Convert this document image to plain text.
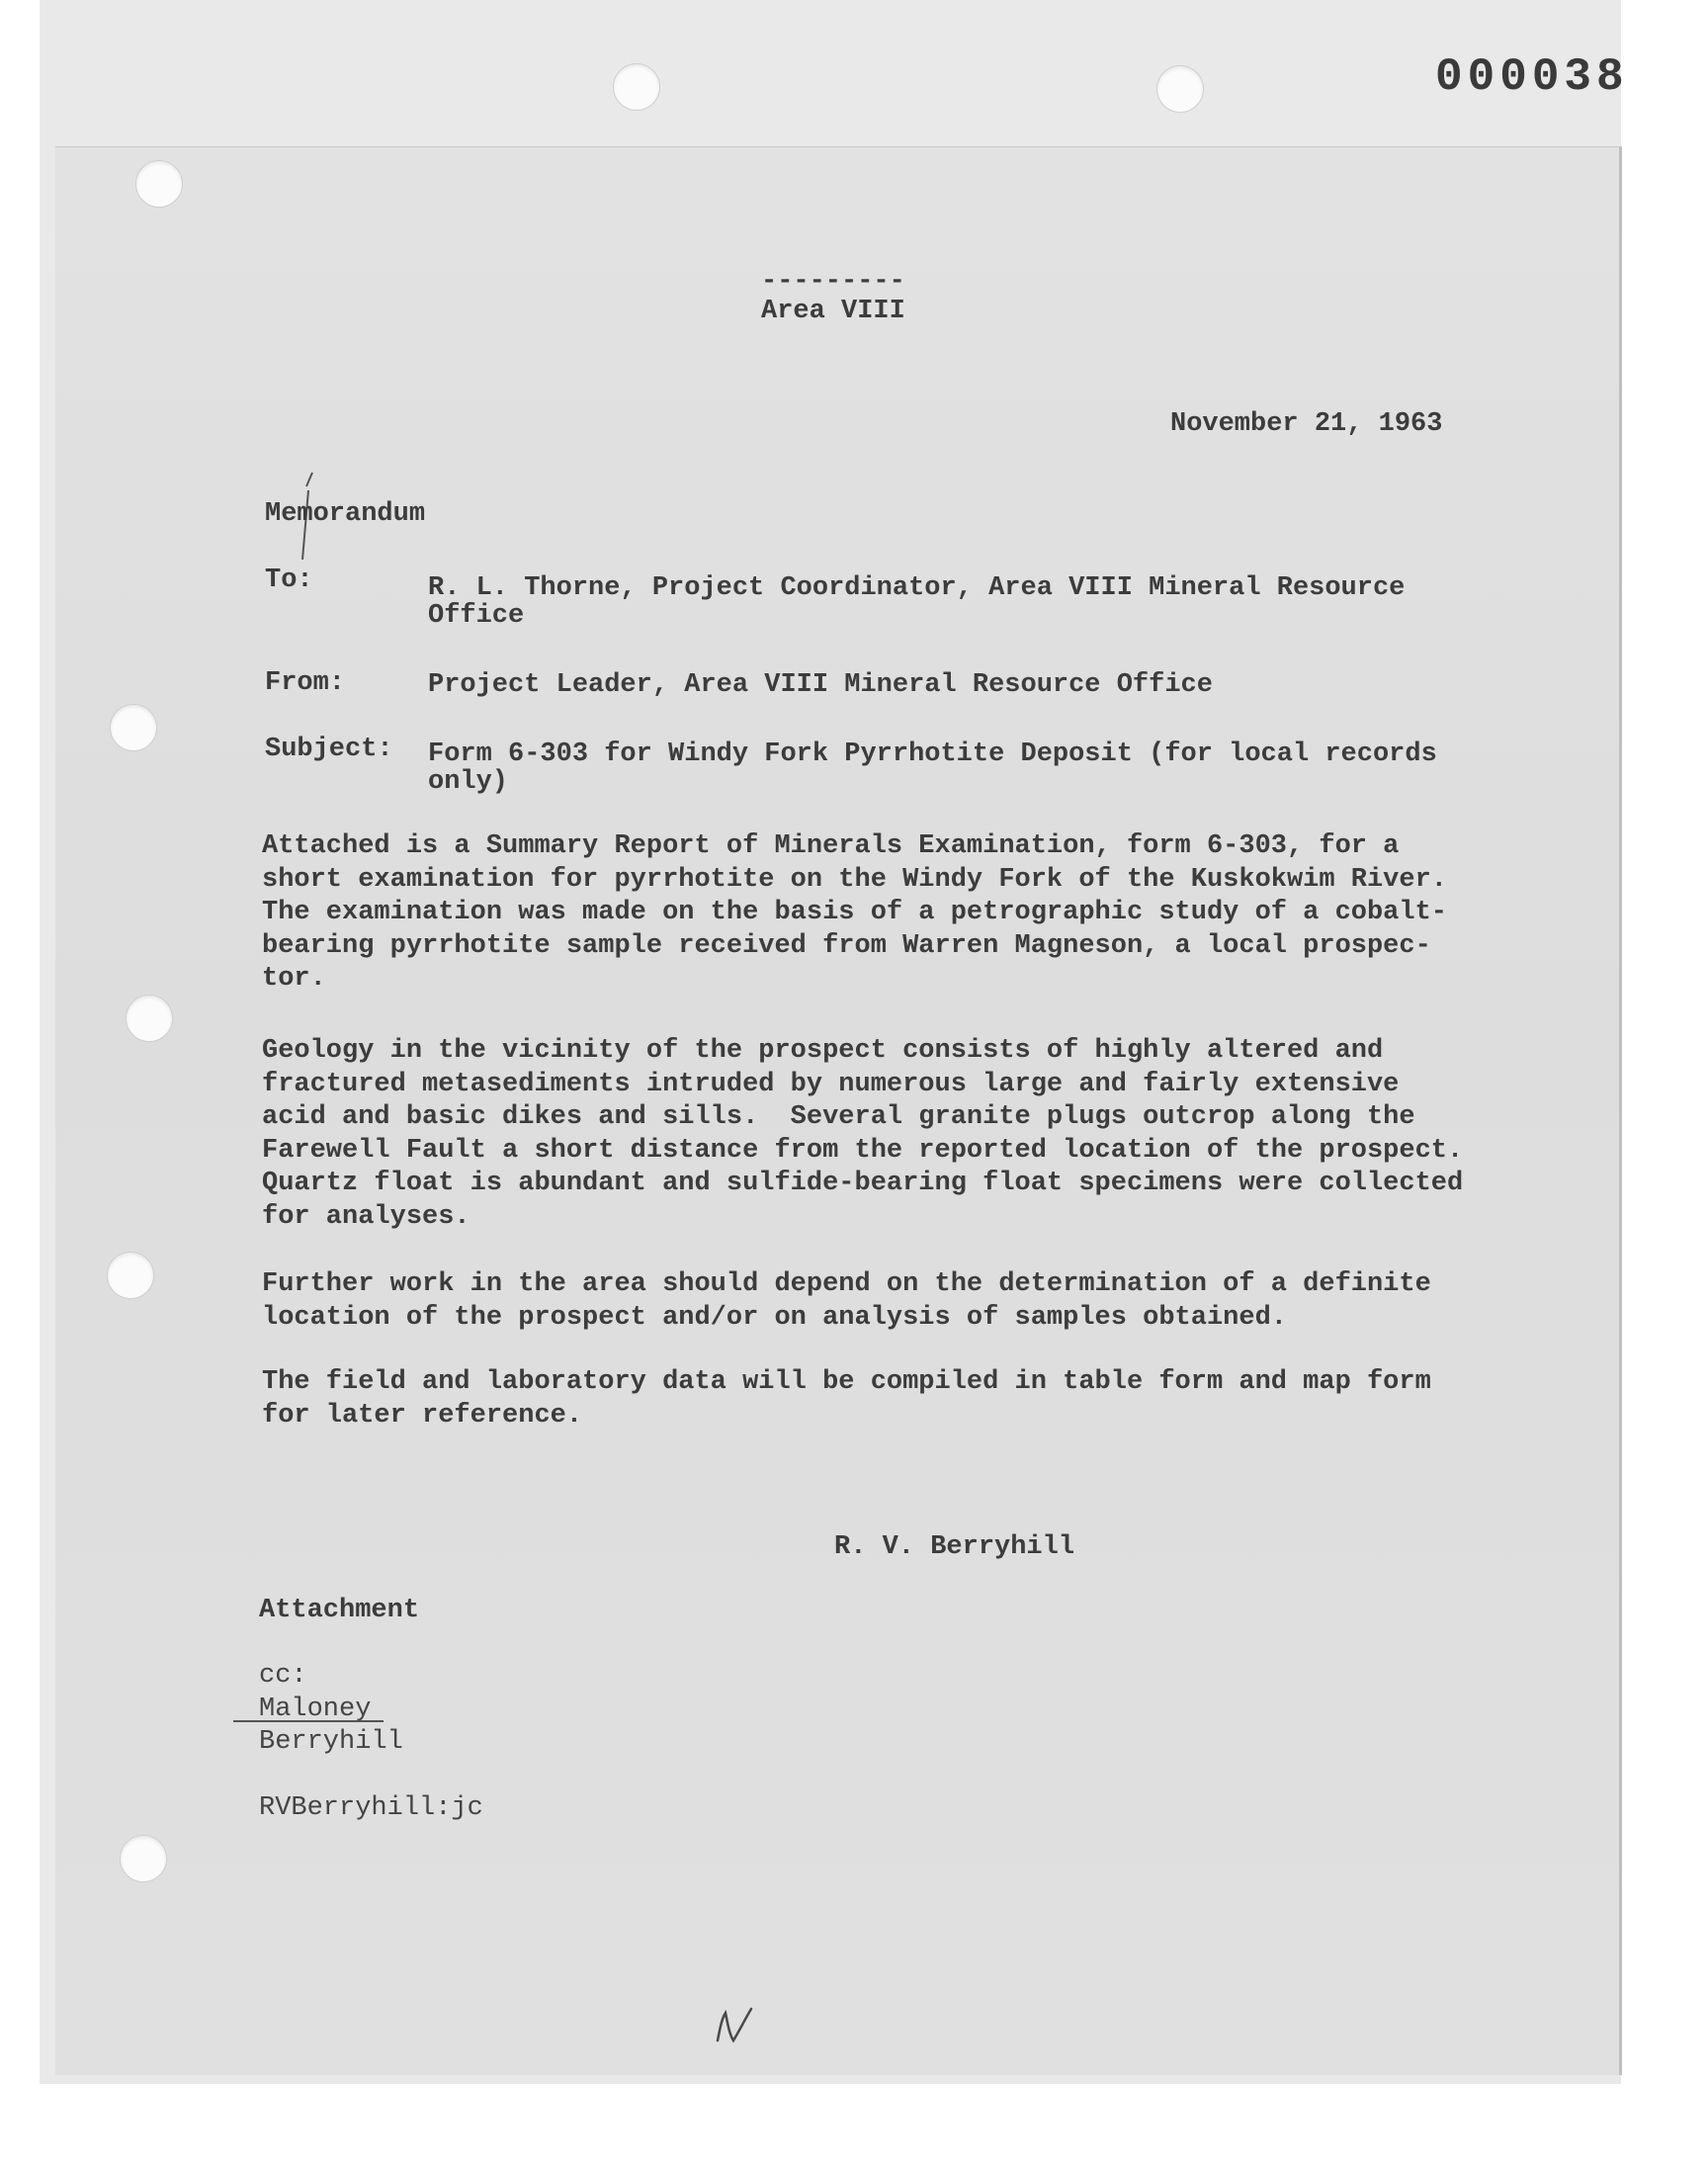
000038
---------
Area VIII
November 21, 1963
Memorandum
To:	R. L. Thorne, Project Coordinator, Area VIII Mineral Resource
Office
From:	Project Leader, Area VIII Mineral Resource Office
Subject: Form 6-303 for Windy Fork Pyrrhotite Deposit (for local records
only)
Attached is a Summary Report of Minerals Examination, form 6-303, for a
short examination for pyrrhotite on the Windy Fork of the Kuskokwim River.
The examination was made on the basis of a petrographic study of a cobalt-
bearing pyrrhotite sample received from Warren Magneson, a local prospec-
tor.
Geology in the vicinity of the prospect consists of highly altered and
fractured metasediments intruded by numerous large and fairly extensive
acid and basic dikes and sills.  Several granite plugs outcrop along the
Farewell Fault a short distance from the reported location of the prospect.
Quartz float is abundant and sulfide-bearing float specimens were collected
for analyses.
Further work in the area should depend on the determination of a definite
location of the prospect and/or on analysis of samples obtained.
The field and laboratory data will be compiled in table form and map form
for later reference.
R. V. Berryhill
Attachment
cc:
Maloney
Berryhill
RVBerryhill:jc
